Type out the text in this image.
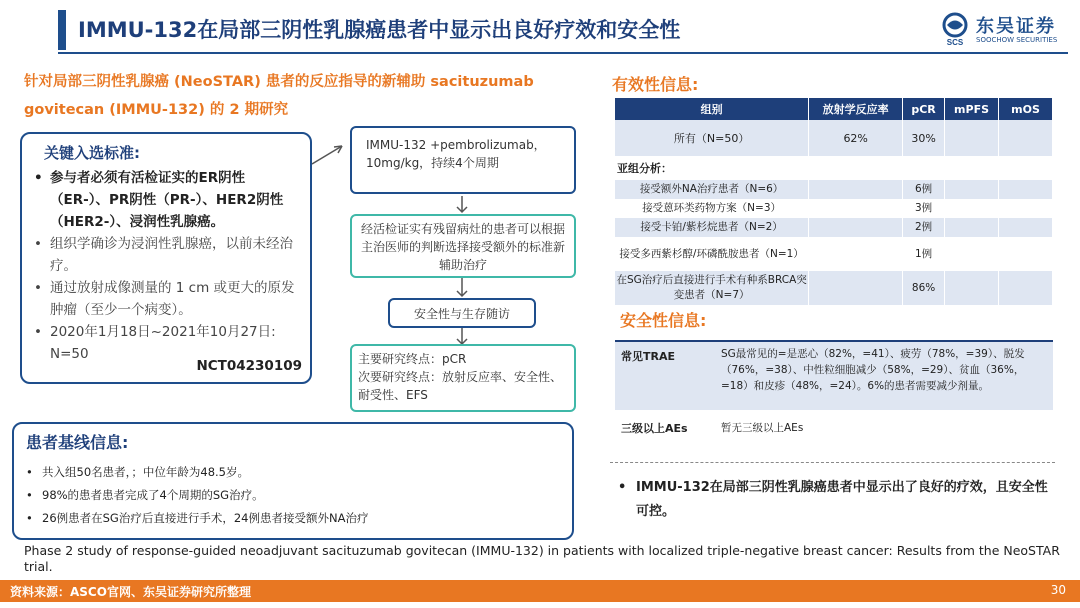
IMMU-132在局部三阴性乳腺癌患者中显示出良好疗效和安全性
SCS
东吴证券
SOOCHOW SECURITIES
针对局部三阴性乳腺癌 (NeoSTAR) 患者的反应指导的新辅助 sacituzumab govitecan (IMMU-132) 的 2 期研究
关键入选标准:
• 参与者必须有活检证实的ER阴性（ER-）、PR阴性（PR-）、HER2阴性（HER2-）、浸润性乳腺癌。
• 组织学确诊为浸润性乳腺癌，以前未经治疗。
• 通过放射成像测量的 1 cm 或更大的原发肿瘤（至少一个病变）。
• 2020年1月18日~2021年10月27日:
N=50
NCT04230109
IMMU-132 +pembrolizumab，10mg/kg，持续4个周期
经活检证实有残留病灶的患者可以根据主治医师的判断选择接受额外的标准新辅助治疗
安全性与生存随访
主要研究终点：pCR
次要研究终点：放射反应率、安全性、耐受性、EFS
患者基线信息:
• 共入组50名患者，；中位年龄为48.5岁。
• 98%的患者患者完成了4个周期的SG治疗。
• 26例患者在SG治疗后直接进行手术，24例患者接受额外NA治疗
有效性信息:
组别	放射学反应率	pCR	mPFS	mOS
所有（N=50）	62%	30%		
亚组分析：				
接受额外NA治疗患者（N=6）		6例		
接受蒽环类药物方案（N=3）		3例		
接受卡铂/紫杉烷患者（N=2）		2例		
接受多西紫杉醇/环磷酰胺患者（N=1）		1例		
在SG治疗后直接进行手术有种系BRCA突变患者（N=7）		86%		
安全性信息:
常见TRAE	SG最常见的=是恶心（82%，=41）、疲劳（78%，=39）、脱发（76%，=38）、中性粒细胞减少（58%，=29）、贫血（36%，=18）和皮疹（48%，=24）。6%的患者需要减少剂量。
三级以上AEs	暂无三级以上AEs
• IMMU-132在局部三阴性乳腺癌患者中显示出了良好的疗效，且安全性可控。
Phase 2 study of response-guided neoadjuvant sacituzumab govitecan (IMMU-132) in patients with localized triple-negative breast cancer: Results from the NeoSTAR trial.
资料来源：ASCO官网、东吴证券研究所整理	30
